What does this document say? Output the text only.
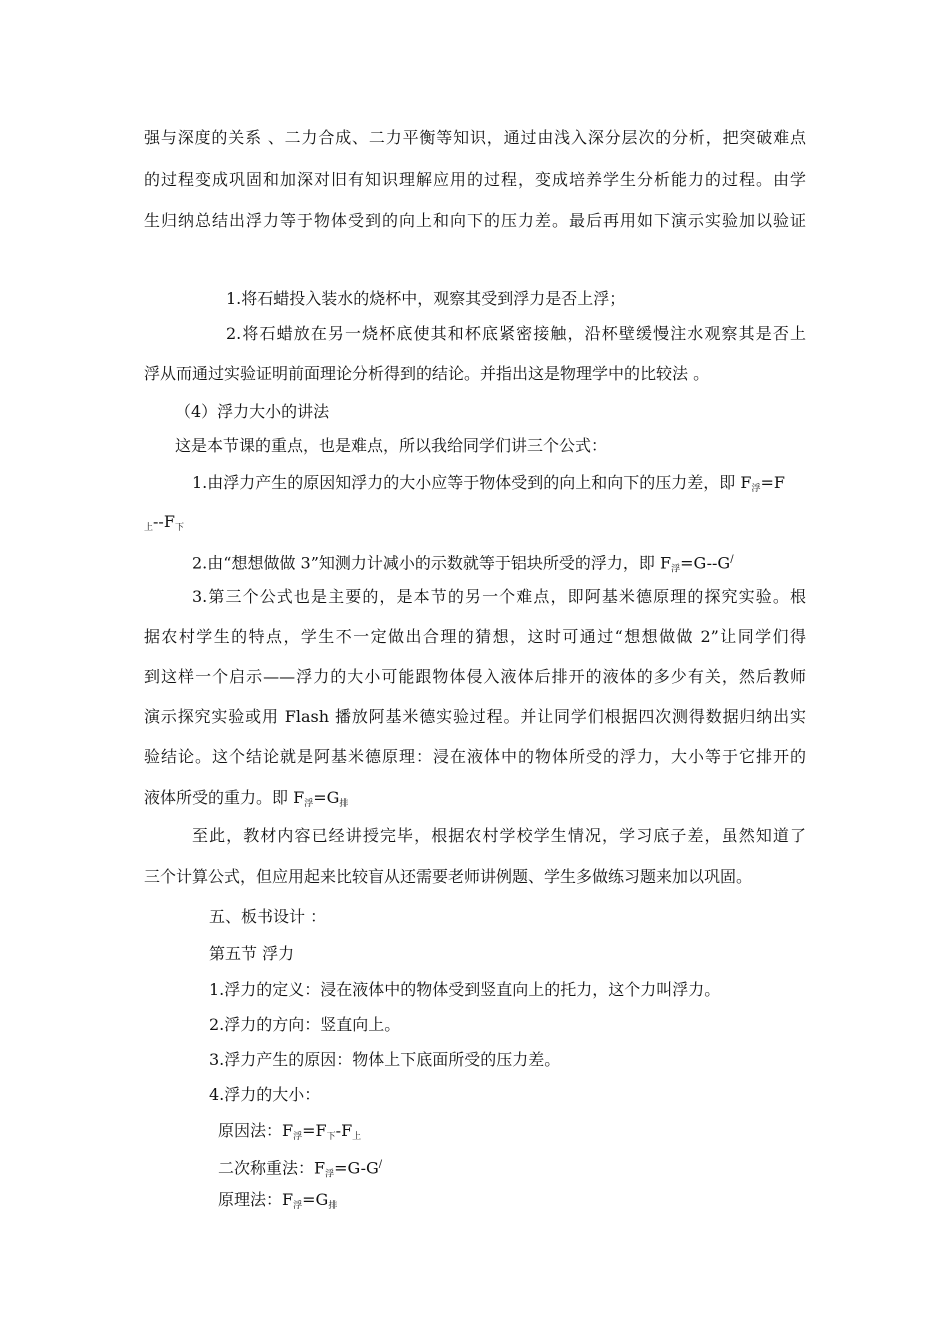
强与深度的关系 、二力合成、二力平衡等知识，通过由浅入深分层次的分析，把突破难点
的过程变成巩固和加深对旧有知识理解应用的过程，变成培养学生分析能力的过程。由学
生归纳总结出浮力等于物体受到的向上和向下的压力差。最后再用如下演示实验加以验证
1.将石蜡投入装水的烧杯中，观察其受到浮力是否上浮；
2.将石蜡放在另一烧杯底使其和杯底紧密接触，沿杯壁缓慢注水观察其是否上
浮从而通过实验证明前面理论分析得到的结论。并指出这是物理学中的比较法 。
（4）浮力大小的讲法
这是本节课的重点，也是难点，所以我给同学们讲三个公式：
1.由浮力产生的原因知浮力的大小应等于物体受到的向上和向下的压力差，即 $F_浮=F$
$_上--F_下$
2.由“想想做做 3”知测力计减小的示数就等于铝块所受的浮力，即 $F_浮=G--G^/$
3.第三个公式也是主要的，是本节的另一个难点，即阿基米德原理的探究实验。根
据农村学生的特点，学生不一定做出合理的猜想，这时可通过“想想做做 2”让同学们得
到这样一个启示——浮力的大小可能跟物体侵入液体后排开的液体的多少有关，然后教师
演示探究实验或用 Flash 播放阿基米德实验过程。并让同学们根据四次测得数据归纳出实
验结论。这个结论就是阿基米德原理：浸在液体中的物体所受的浮力，大小等于它排开的
液体所受的重力。即 $F_浮=G_排$
至此，教材内容已经讲授完毕，根据农村学校学生情况，学习底子差，虽然知道了
三个计算公式，但应用起来比较盲从还需要老师讲例题、学生多做练习题来加以巩固。
五、板书设计 ：
第五节 浮力
1.浮力的定义：浸在液体中的物体受到竖直向上的托力，这个力叫浮力。
2.浮力的方向：竖直向上。
3.浮力产生的原因：物体上下底面所受的压力差。
4.浮力的大小：
原因法：$F_浮=F_下-F_上$
二次称重法：$F_浮=G-G^/$
原理法：$F_浮=G_排$
